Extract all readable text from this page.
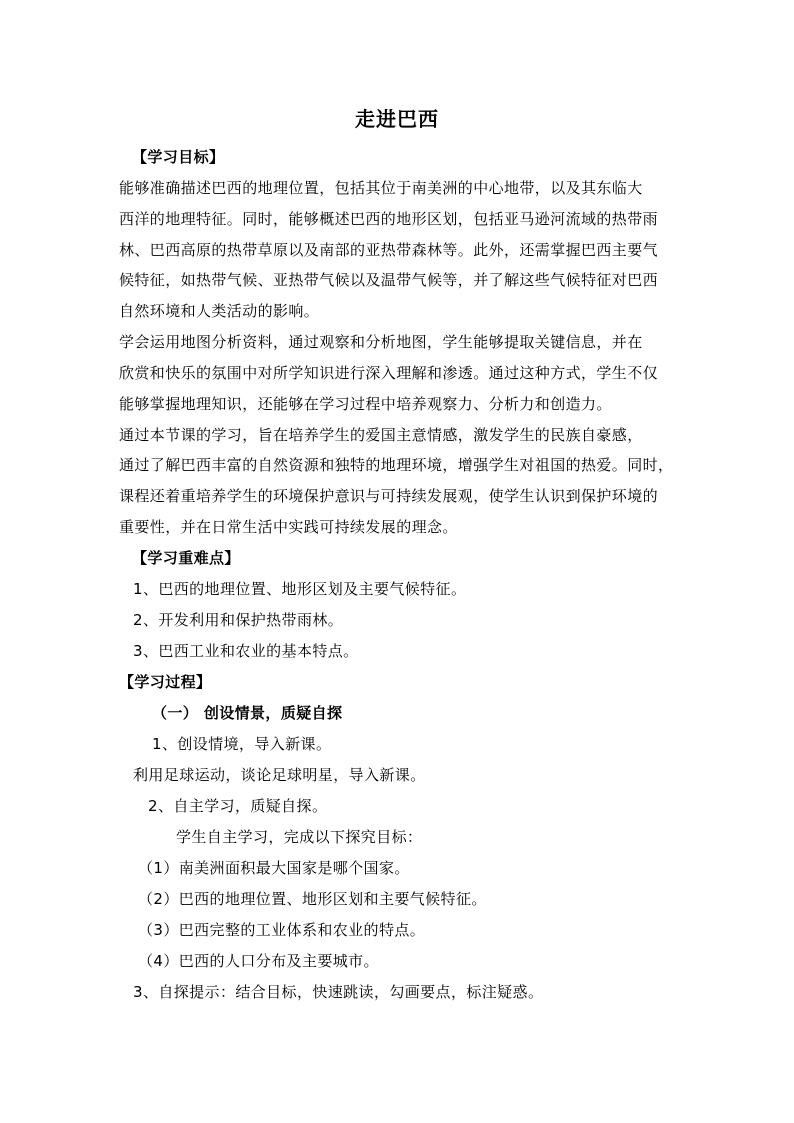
走进巴西
【学习目标】
能够准确描述巴西的地理位置，包括其位于南美洲的中心地带，以及其东临大
西洋的地理特征。同时，能够概述巴西的地形区划，包括亚马逊河流域的热带雨
林、巴西高原的热带草原以及南部的亚热带森林等。此外，还需掌握巴西主要气
候特征，如热带气候、亚热带气候以及温带气候等，并了解这些气候特征对巴西
自然环境和人类活动的影响。
学会运用地图分析资料，通过观察和分析地图，学生能够提取关键信息，并在
欣赏和快乐的氛围中对所学知识进行深入理解和渗透。通过这种方式，学生不仅
能够掌握地理知识，还能够在学习过程中培养观察力、分析力和创造力。
通过本节课的学习，旨在培养学生的爱国主意情感，激发学生的民族自豪感，
通过了解巴西丰富的自然资源和独特的地理环境，增强学生对祖国的热爱。同时，
课程还着重培养学生的环境保护意识与可持续发展观，使学生认识到保护环境的
重要性，并在日常生活中实践可持续发展的理念。
【学习重难点】
1、巴西的地理位置、地形区划及主要气候特征。
2、开发利用和保护热带雨林。
3、巴西工业和农业的基本特点。
【学习过程】
（一） 创设情景，质疑自探
1、创设情境，导入新课。
利用足球运动，谈论足球明星，导入新课。
2、自主学习，质疑自探。
学生自主学习，完成以下探究目标：
（1）南美洲面积最大国家是哪个国家。
（2）巴西的地理位置、地形区划和主要气候特征。
（3）巴西完整的工业体系和农业的特点。
（4）巴西的人口分布及主要城市。
3、自探提示：结合目标，快速跳读，勾画要点，标注疑惑。
